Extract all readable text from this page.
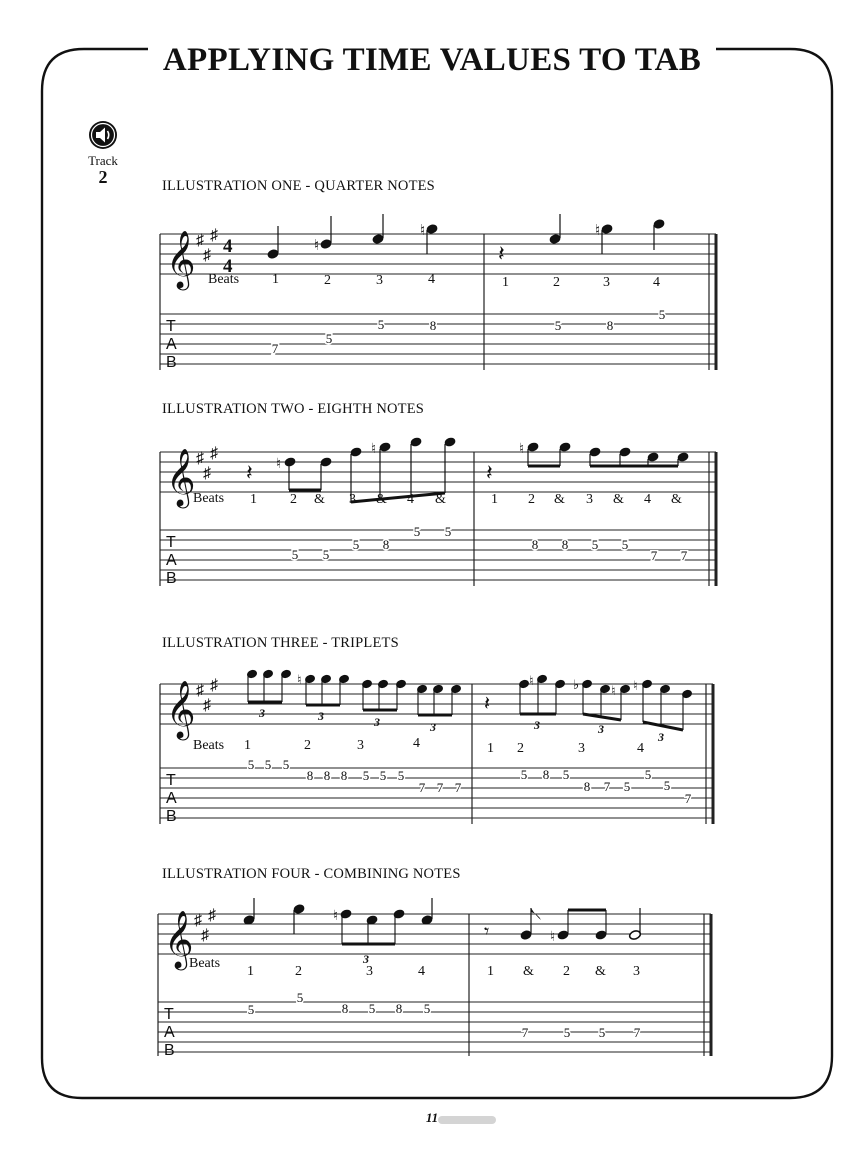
APPLYING TIME VALUES TO TAB
Track
2	ILLUSTRATION ONE - QUARTER NOTES
𝄞 ♯
♯
♯
4
4
♮
♮	♮
𝄽
Beats 1	2	3	4	1	2	3	4
T
A
B
7
5
5	8	5	8
5
ILLUSTRATION TWO - EIGHTH NOTES
𝄞 ♯
♯
♯
𝄽	𝄽
♮
♮	♮
Beats 1 2 & 3 & 4 &	1 2 & 3 & 4 &
T
A
B
5 5
5 8
5 5
8 8 5 5
7 7
ILLUSTRATION THREE - TRIPLETS
𝄞 ♯
♯
♯	♮	♮	♭ ♮ ♮
𝄽
3	3	3	3	3	3
3
Beats 1	2	3	4	1 2	3	4
T
A
B
5 5 5
8 8 8 5 5 5
7 7 7
5 8 5
8 7 5
5
5
7
ILLUSTRATION FOUR - COMBINING NOTES
𝄞 ♯
♯
♯	♮
♮
𝄾
3
Beats
1	2	3	4	1 & 2 & 3
T
A
B
5
5
8 5 8 5
7	5 5 7
11
